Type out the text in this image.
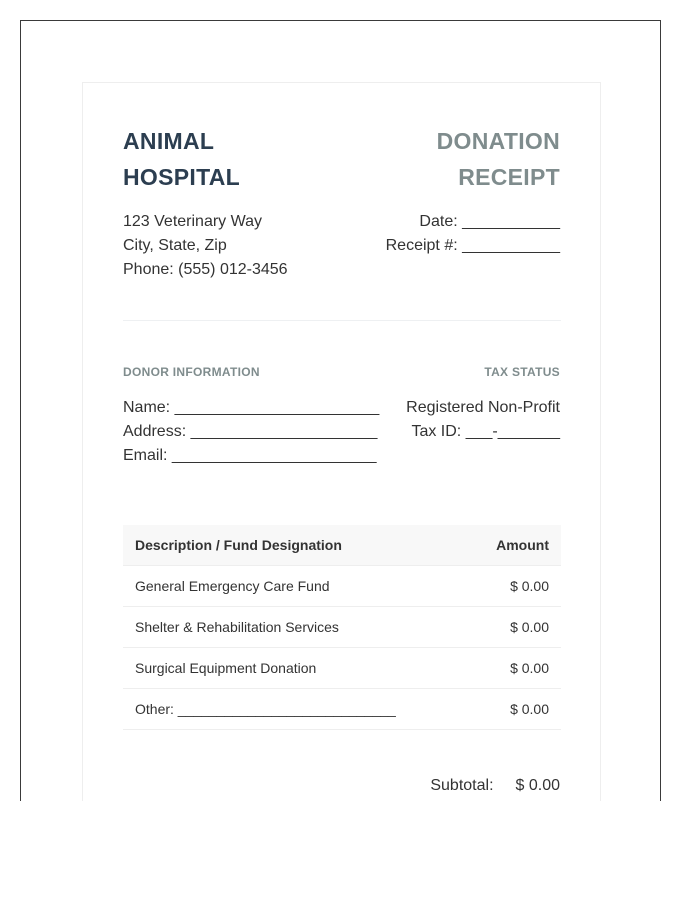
ANIMAL
HOSPITAL
DONATION
RECEIPT
123 Veterinary Way
City, State, Zip
Phone: (555) 012-3456
Date: ___________
Receipt #: ___________
DONOR INFORMATION	TAX STATUS
Name: _______________________
Address: _____________________
Email: _______________________
Registered Non-Profit
Tax ID: ___-_______
Description / Fund Designation	Amount
General Emergency Care Fund	$ 0.00
Shelter & Rehabilitation Services	$ 0.00
Surgical Equipment Donation	$ 0.00
Other: ____________________________	$ 0.00
Subtotal: $ 0.00
